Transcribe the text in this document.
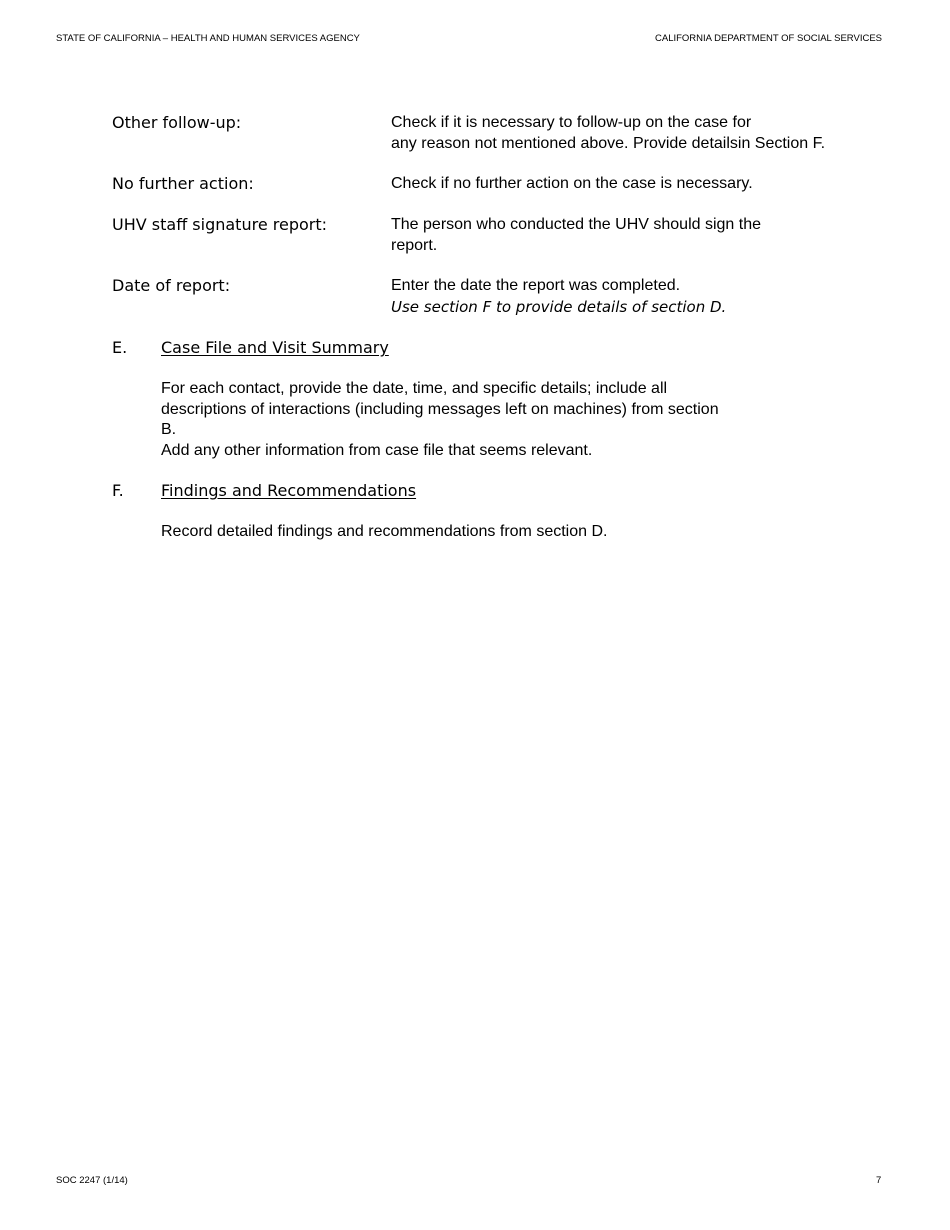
STATE OF CALIFORNIA – HEALTH AND HUMAN SERVICES AGENCY	CALIFORNIA DEPARTMENT OF SOCIAL SERVICES
Other follow-up:	Check if it is necessary to follow-up on the case for
any reason not mentioned above. Provide detailsin Section F.
No further action:	Check if no further action on the case is necessary.
UHV staff signature report:	The person who conducted the UHV should sign the
report.
Date of report:	Enter the date the report was completed.
Use section F to provide details of section D.
E. Case File and Visit Summary
For each contact, provide the date, time, and specific details; include all
descriptions of interactions (including messages left on machines) from section
B.
Add any other information from case file that seems relevant.
F. Findings and Recommendations
Record detailed findings and recommendations from section D.
SOC 2247 (1/14)	7
